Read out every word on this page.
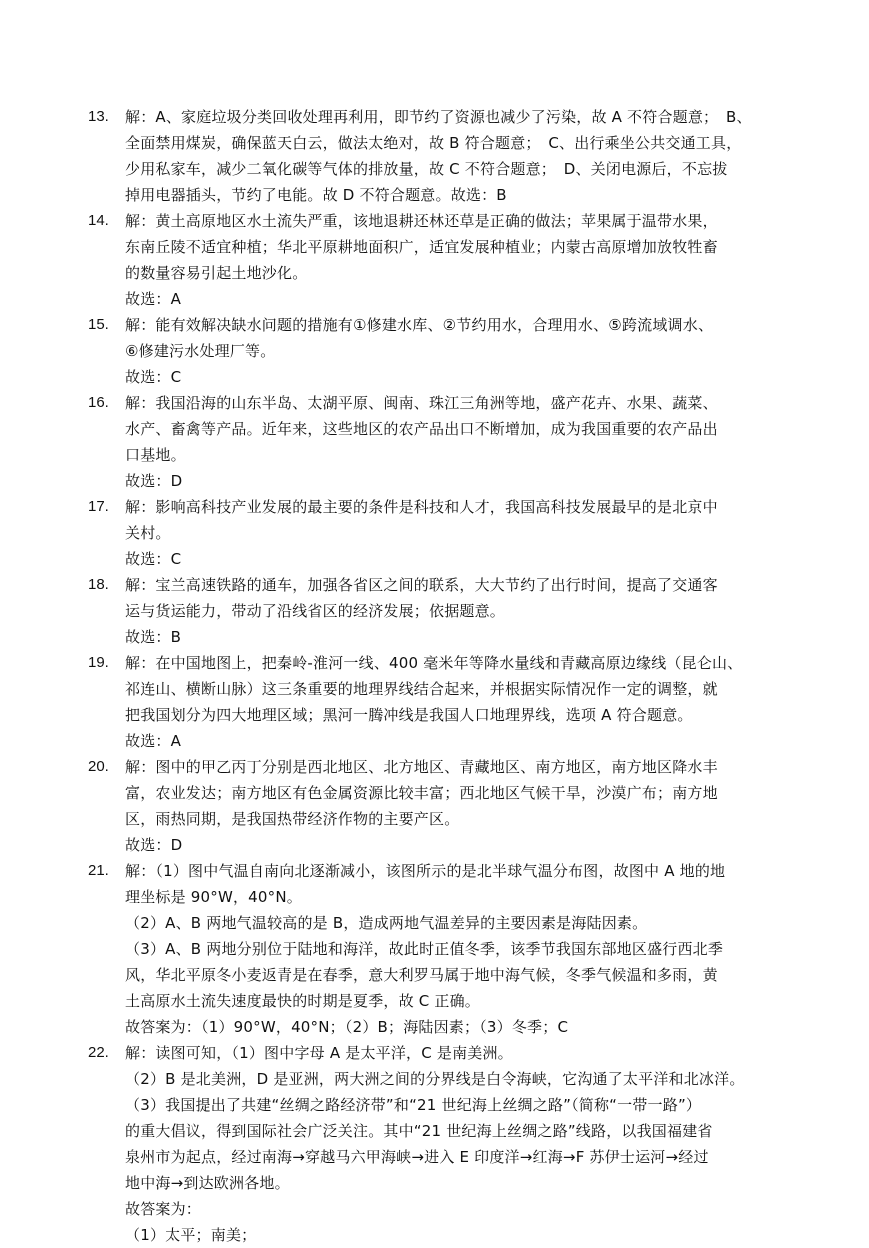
13.	解：A、家庭垃圾分类回收处理再利用，即节约了资源也减少了污染，故 A 不符合题意；　B、
全面禁用煤炭，确保蓝天白云，做法太绝对，故 B 符合题意；　C、出行乘坐公共交通工具，
少用私家车，减少二氧化碳等气体的排放量，故 C 不符合题意；　D、关闭电源后，不忘拔
掉用电器插头，节约了电能。故 D 不符合题意。故选：B
14.	解：黄土高原地区水土流失严重，该地退耕还林还草是正确的做法；苹果属于温带水果，
东南丘陵不适宜种植；华北平原耕地面积广，适宜发展种植业；内蒙古高原增加放牧牲畜
的数量容易引起土地沙化。
故选：A
15.	解：能有效解决缺水问题的措施有①修建水库、②节约用水，合理用水、⑤跨流域调水、
⑥修建污水处理厂等。
故选：C
16.	解：我国沿海的山东半岛、太湖平原、闽南、珠江三角洲等地，盛产花卉、水果、蔬菜、
水产、畜禽等产品。近年来，这些地区的农产品出口不断增加，成为我国重要的农产品出
口基地。
故选：D
17.	解：影响高科技产业发展的最主要的条件是科技和人才，我国高科技发展最早的是北京中
关村。
故选：C
18.	解：宝兰高速铁路的通车，加强各省区之间的联系，大大节约了出行时间，提高了交通客
运与货运能力，带动了沿线省区的经济发展；依据题意。
故选：B
19.	解：在中国地图上，把秦岭-淮河一线、400 毫米年等降水量线和青藏高原边缘线（昆仑山、
祁连山、横断山脉）这三条重要的地理界线结合起来，并根据实际情况作一定的调整，就
把我国划分为四大地理区域；黑河一腾冲线是我国人口地理界线，选项 A 符合题意。
故选：A
20.	解：图中的甲乙丙丁分别是西北地区、北方地区、青藏地区、南方地区，南方地区降水丰
富，农业发达；南方地区有色金属资源比较丰富；西北地区气候干旱，沙漠广布；南方地
区，雨热同期，是我国热带经济作物的主要产区。
故选：D
21.	解：（1）图中气温自南向北逐渐减小，该图所示的是北半球气温分布图，故图中 A 地的地
理坐标是 90°W，40°N。
（2）A、B 两地气温较高的是 B，造成两地气温差异的主要因素是海陆因素。
（3）A、B 两地分别位于陆地和海洋，故此时正值冬季，该季节我国东部地区盛行西北季
风，华北平原冬小麦返青是在春季，意大利罗马属于地中海气候，冬季气候温和多雨，黄
土高原水土流失速度最快的时期是夏季，故 C 正确。
故答案为：（1）90°W，40°N；（2）B；海陆因素；（3）冬季；C
22.	解：读图可知，（1）图中字母 A 是太平洋，C 是南美洲。
（2）B 是北美洲，D 是亚洲，两大洲之间的分界线是白令海峡，它沟通了太平洋和北冰洋。
（3）我国提出了共建“丝绸之路经济带”和“21 世纪海上丝绸之路”（简称“一带一路”）
的重大倡议，得到国际社会广泛关注。其中“21 世纪海上丝绸之路”线路，以我国福建省
泉州市为起点，经过南海→穿越马六甲海峡→进入 E 印度洋→红海→F 苏伊士运河→经过
地中海→到达欧洲各地。
故答案为：
（1）太平；南美；
